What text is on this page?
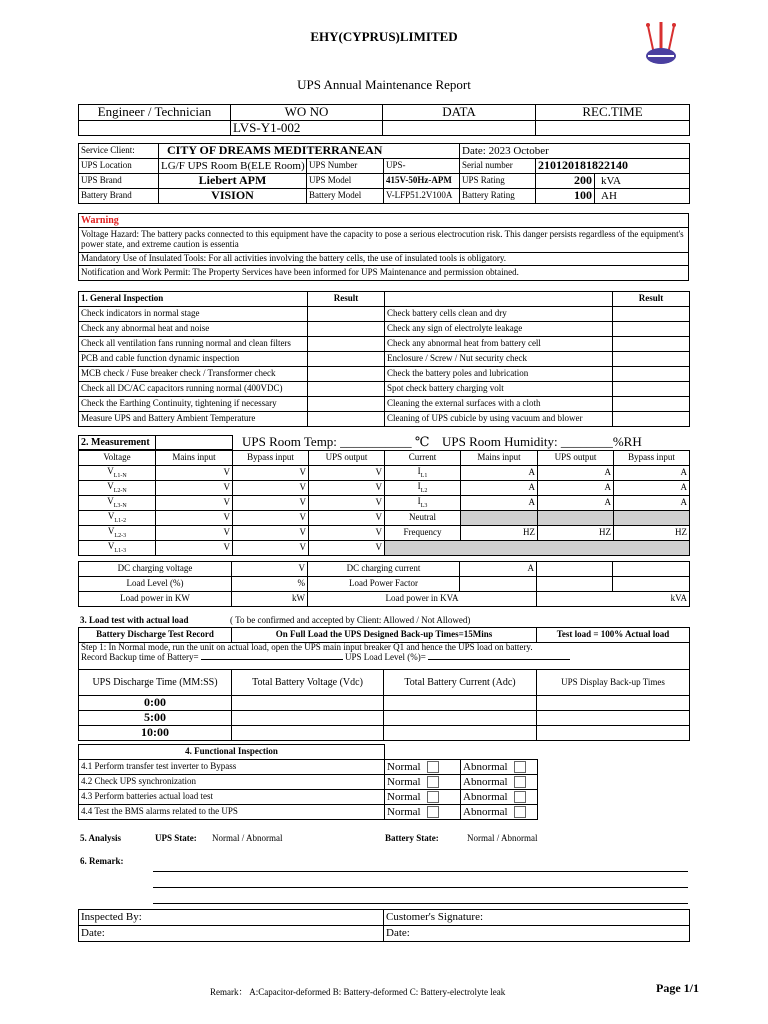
EHY(CYPRUS)LIMITED
UPS Annual Maintenance Report
Engineer / Technician	WO NO	DATA	REC.TIME
	LVS-Y1-002		
Service Client:	CITY OF DREAMS MEDITERRANEAN			Date: 2023 October		
UPS Location	LG/F UPS Room B(ELE Room)	UPS Number	UPS-	Serial number	210120181822140	
UPS Brand	Liebert APM	UPS Model	415V-50Hz-APM	UPS Rating	200	kVA
Battery Brand	VISION	Battery Model	V-LFP51.2V100A	Battery Rating	100	AH
Warning
Voltage Hazard: The battery packs connected to this equipment have the capacity to pose a serious electrocution risk. This danger persists regardless of the equipment's power state, and extreme caution is essentia
Mandatory Use of Insulated Tools: For all activities involving the battery cells, the use of insulated tools is obligatory.
Notification and Work Permit: The Property Services have been informed for UPS Maintenance and permission obtained.
1. General Inspection	Result		Result
Check indicators in normal stage		Check battery cells clean and dry	
Check any abnormal heat and noise		Check any sign of electrolyte leakage	
Check all ventilation fans running normal and clean filters		Check any abnormal heat from battery cell	
PCB and cable function dynamic inspection		Enclosure / Screw / Nut security check	
MCB check / Fuse breaker check / Transformer check		Check the battery poles and lubrication	
Check all DC/AC capacitors running normal (400VDC)		Spot check battery charging volt	
Check the Earthing Continuity, tightening if necessary		Cleaning the external surfaces with a cloth	
Measure UPS and Battery Ambient Temperature		Cleaning of UPS cubicle by using vacuum and blower	
2. Measurement		UPS Room Temp: ___________ ℃ UPS Room Humidity: ________%RH
Voltage	Mains input	Bypass input	UPS output	Current	Mains input	UPS output	Bypass input
$V_{L1-N}$	V	V	V	$I_{L1}$	A	A	A
$V_{L2-N}$	V	V	V	$I_{L2}$	A	A	A
$V_{L3-N}$	V	V	V	$I_{L3}$	A	A	A
$V_{L1-2}$	V	V	V	Neutral			
$V_{L2-3}$	V	V	V	Frequency	HZ	HZ	HZ
$V_{L1-3}$	V	V	V				
DC charging voltage	V	DC charging current	A		
Load Level (%)	%	Load Power Factor			
Load power in KW	kW	Load power in KVA		kVA	
3. Load test with actual load	( To be confirmed and accepted by Client: Allowed / Not Allowed)
Battery Discharge Test Record	On Full Load the UPS Designed Back-up Times=15Mins		Test load = 100% Actual load

Step 1: In Normal mode, run the unit on actual load, open the UPS main input breaker Q1 and hence the UPS load on battery.
Record Backup time of Battery= UPS Load Level (%)=			

UPS Discharge Time (MM:SS)	Total Battery Voltage (Vdc)	Total Battery Current (Adc)	UPS Display Back-up Times
0:00			
5:00			
10:00			
4. Functional Inspection		
4.1 Perform transfer test inverter to Bypass	Normal	Abnormal
4.2 Check UPS synchronization	Normal	Abnormal
4.3 Perform batteries actual load test	Normal	Abnormal
4.4 Test the BMS alarms related to the UPS	Normal	Abnormal
5. Analysis	UPS State: Normal / Abnormal	Battery State:	Normal / Abnormal
6. Remark:
Inspected By:	Customer's Signature:
Date:	Date:
Remark： A:Capacitor-deformed B: Battery-deformed C: Battery-electrolyte leak	Page 1/1
